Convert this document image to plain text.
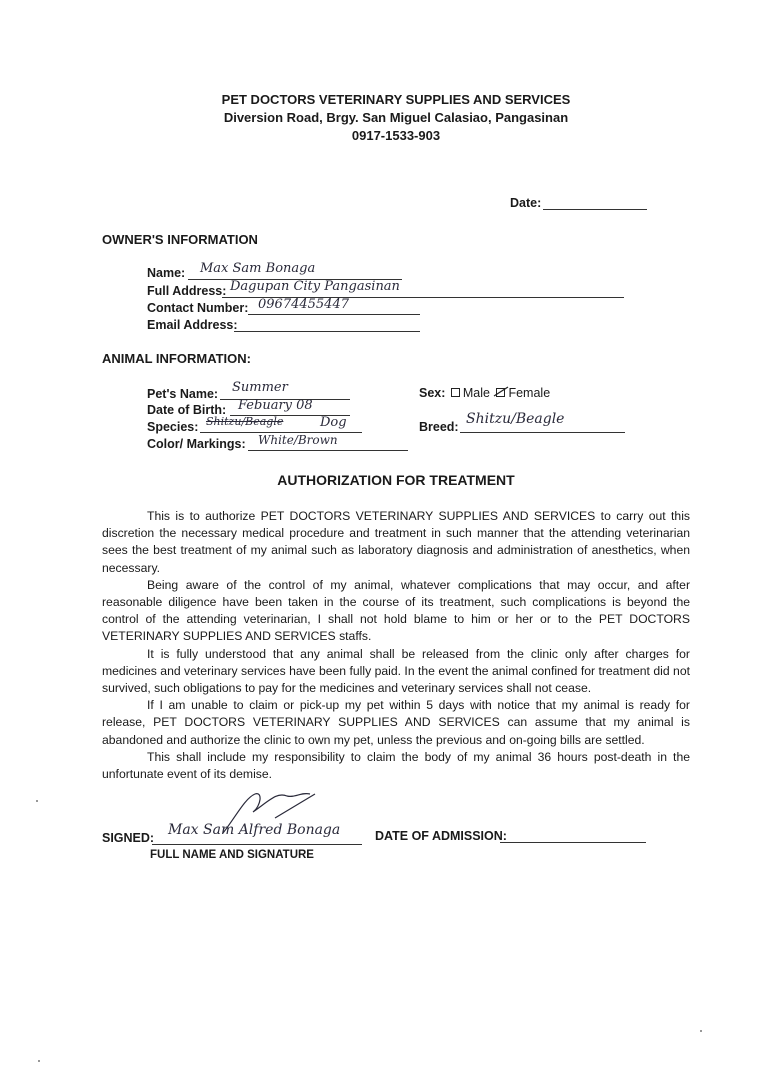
PET DOCTORS VETERINARY SUPPLIES AND SERVICES
Diversion Road, Brgy. San Miguel Calasiao, Pangasinan
0917-1533-903
Date:
OWNER'S INFORMATION
Name: Max Sam Bonaga
Full Address: Dagupan City Pangasinan
Contact Number: 09674455447
Email Address:
ANIMAL INFORMATION:
Pet's Name: Summer
Date of Birth: Febuary 08
Species: Shitzu/Beagle	Dog
Color/ Markings: White/Brown
Sex: Male Female
Breed: Shitzu/Beagle
AUTHORIZATION FOR TREATMENT

This is to authorize PET DOCTORS VETERINARY SUPPLIES AND SERVICES to carry out this discretion the necessary medical procedure and treatment in such manner that the attending veterinarian sees the best treatment of my animal such as laboratory diagnosis and administration of anesthetics, when necessary.

Being aware of the control of my animal, whatever complications that may occur, and after reasonable diligence have been taken in the course of its treatment, such complications is beyond the control of the attending veterinarian, I shall not hold blame to him or her or to the PET DOCTORS VETERINARY SUPPLIES AND SERVICES staffs.

It is fully understood that any animal shall be released from the clinic only after charges for medicines and veterinary services have been fully paid. In the event the animal confined for treatment did not survived, such obligations to pay for the medicines and veterinary services shall not cease.

If I am unable to claim or pick-up my pet within 5 days with notice that my animal is ready for release, PET DOCTORS VETERINARY SUPPLIES AND SERVICES can assume that my animal is abandoned and authorize the clinic to own my pet, unless the previous and on-going bills are settled.

This shall include my responsibility to claim the body of my animal 36 hours post-death in the unfortunate event of its demise.

SIGNED: Max Sam Alfred Bonaga
FULL NAME AND SIGNATURE
DATE OF ADMISSION:
